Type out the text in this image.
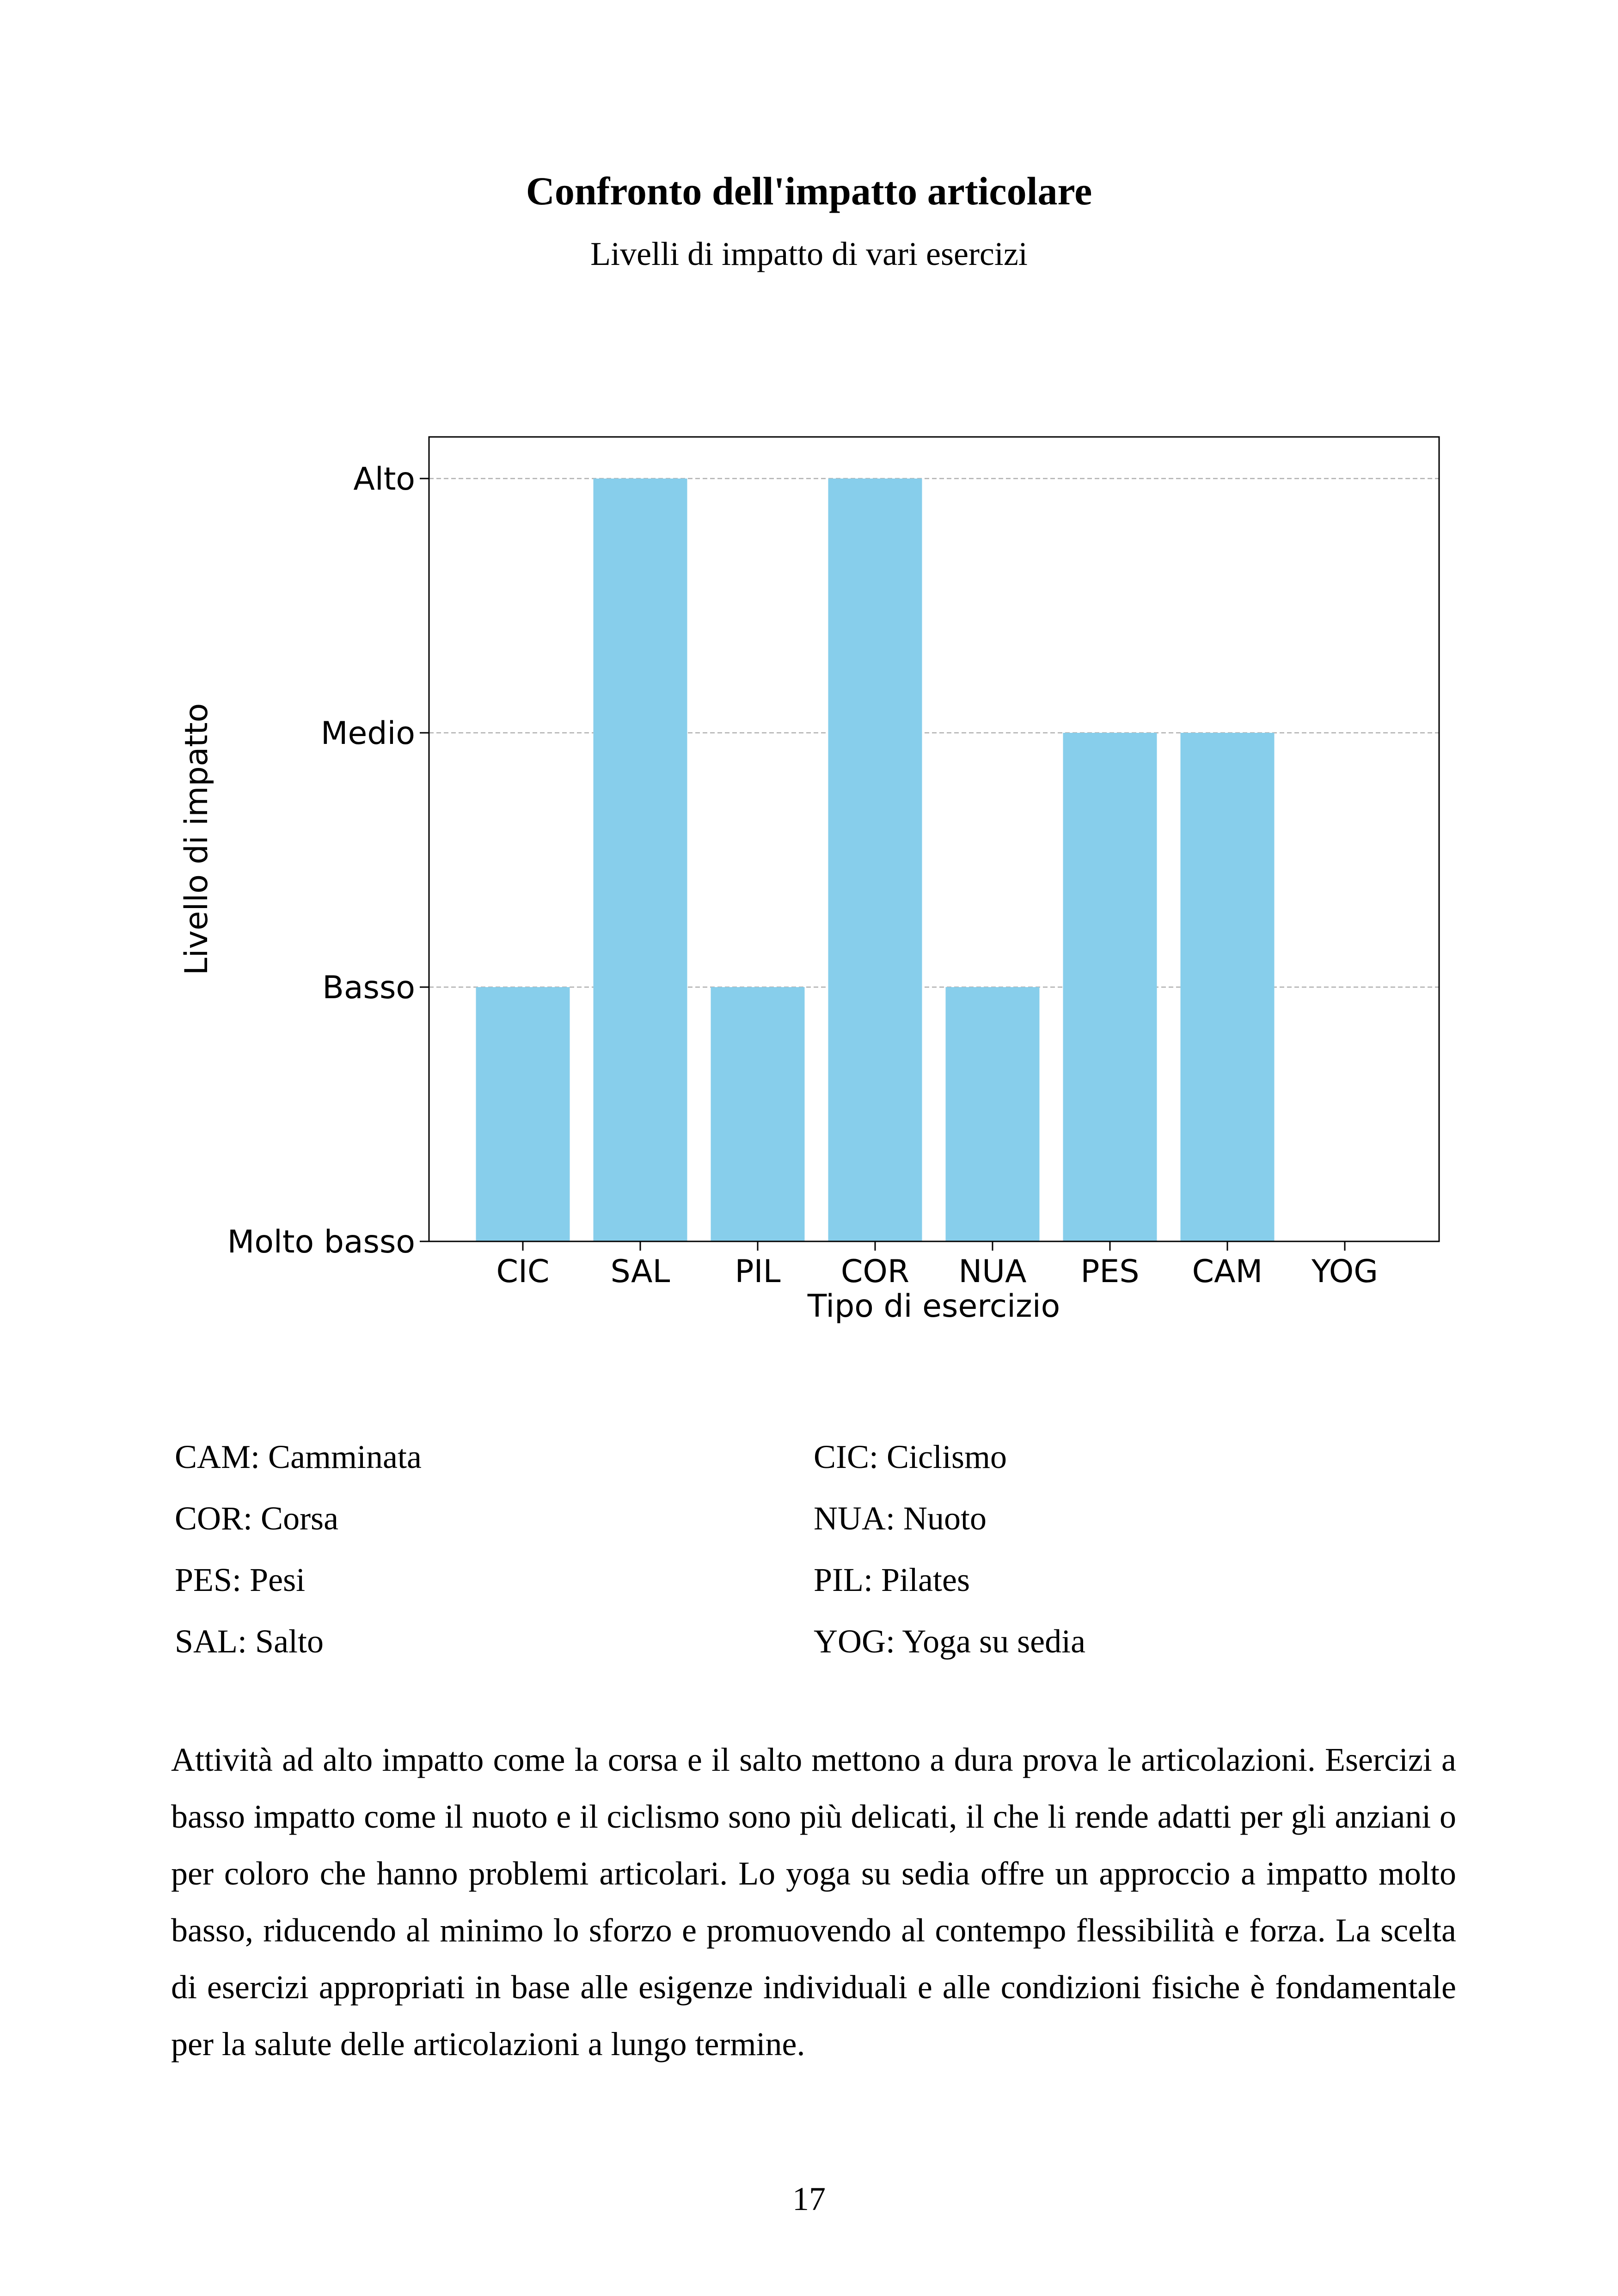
Confronto dell'impatto articolare
Livelli di impatto di vari esercizi
Molto basso
Basso
Medio
Alto
CIC SAL PIL COR NUA PES CAM YOG
Tipo di esercizio
Livello di impatto
CAM: Camminata	CIC: Ciclismo
COR: Corsa	NUA: Nuoto
PES: Pesi	PIL: Pilates
SAL: Salto	YOG: Yoga su sedia
Attività ad alto impatto come la corsa e il salto mettono a dura prova le articolazioni. Esercizi a basso impatto come il nuoto e il ciclismo sono più delicati, il che li rende adatti per gli anziani o per coloro che hanno problemi articolari. Lo yoga su sedia offre un approccio a impatto molto basso, riducendo al minimo lo sforzo e promuovendo al contempo flessibilità e forza. La scelta di esercizi appropriati in base alle esigenze individuali e alle condizioni fisiche è fondamentale per la salute delle articolazioni a lungo termine.
17
